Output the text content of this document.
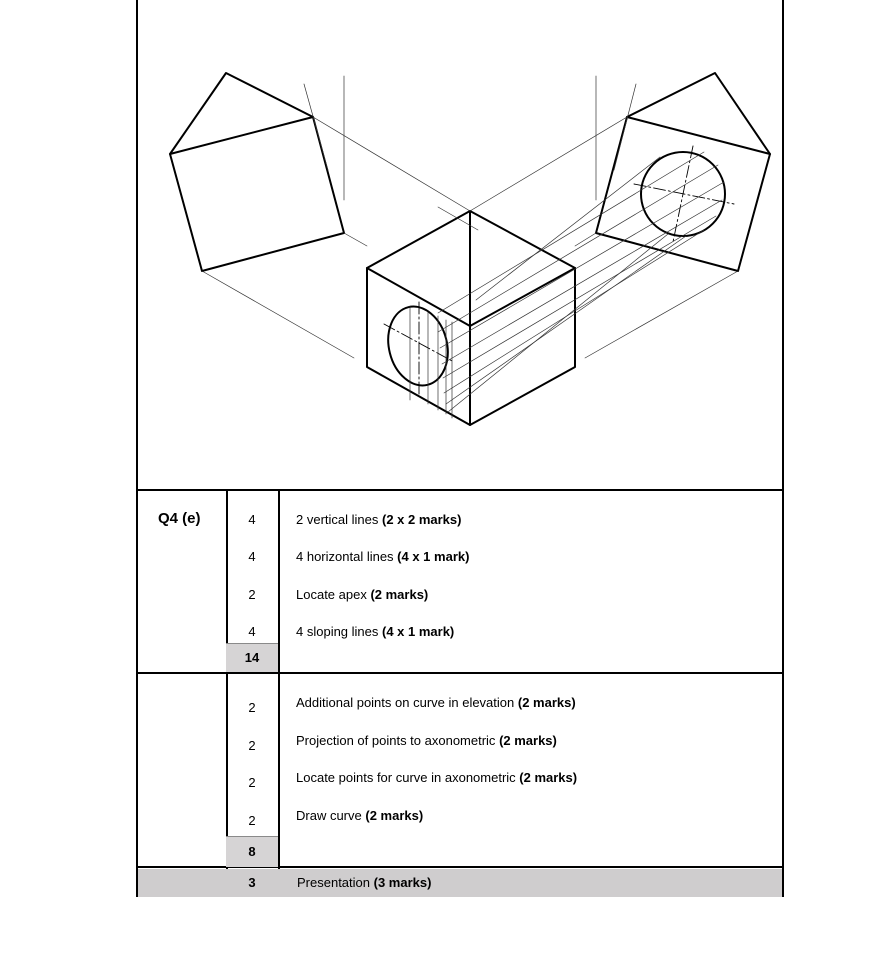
Q4 (e)	4	2 vertical lines (2 x 2 marks)
4	4 horizontal lines (4 x 1 mark)
2	Locate apex (2 marks)
4	4 sloping lines (4 x 1 mark)
14
2	Additional points on curve in elevation (2 marks)
2	Projection of points to axonometric (2 marks)
2	Locate points for curve in axonometric (2 marks)
2	Draw curve (2 marks)
8
3	Presentation (3 marks)
